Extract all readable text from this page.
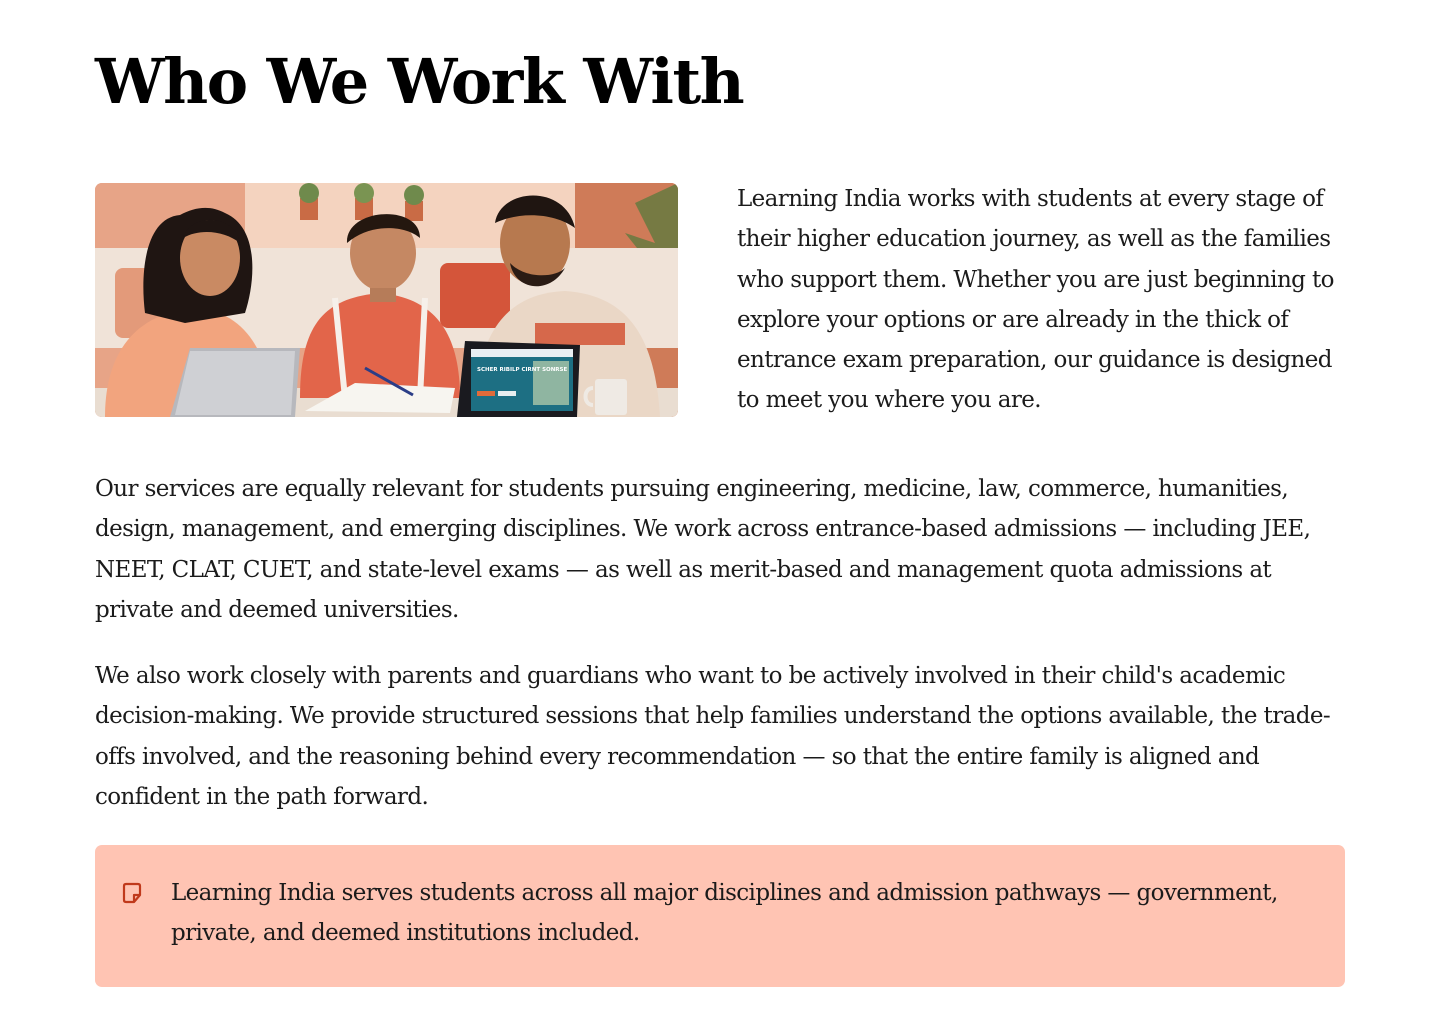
Who We Work With
SCHER RIBILP CIRNT SONRSE

Learning India works with students at every stage of their higher education journey, as well as the families who support them. Whether you are just beginning to explore your options or are already in the thick of entrance exam preparation, our guidance is designed to meet you where you are.

Our services are equally relevant for students pursuing engineering, medicine, law, commerce, humanities, design, management, and emerging disciplines. We work across entrance-based admissions — including JEE, NEET, CLAT, CUET, and state-level exams — as well as merit-based and management quota admissions at private and deemed universities.

We also work closely with parents and guardians who want to be actively involved in their child's academic decision-making. We provide structured sessions that help families understand the options available, the trade-offs involved, and the reasoning behind every recommendation — so that the entire family is aligned and confident in the path forward.

Learning India serves students across all major disciplines and admission pathways — government, private, and deemed institutions included.
